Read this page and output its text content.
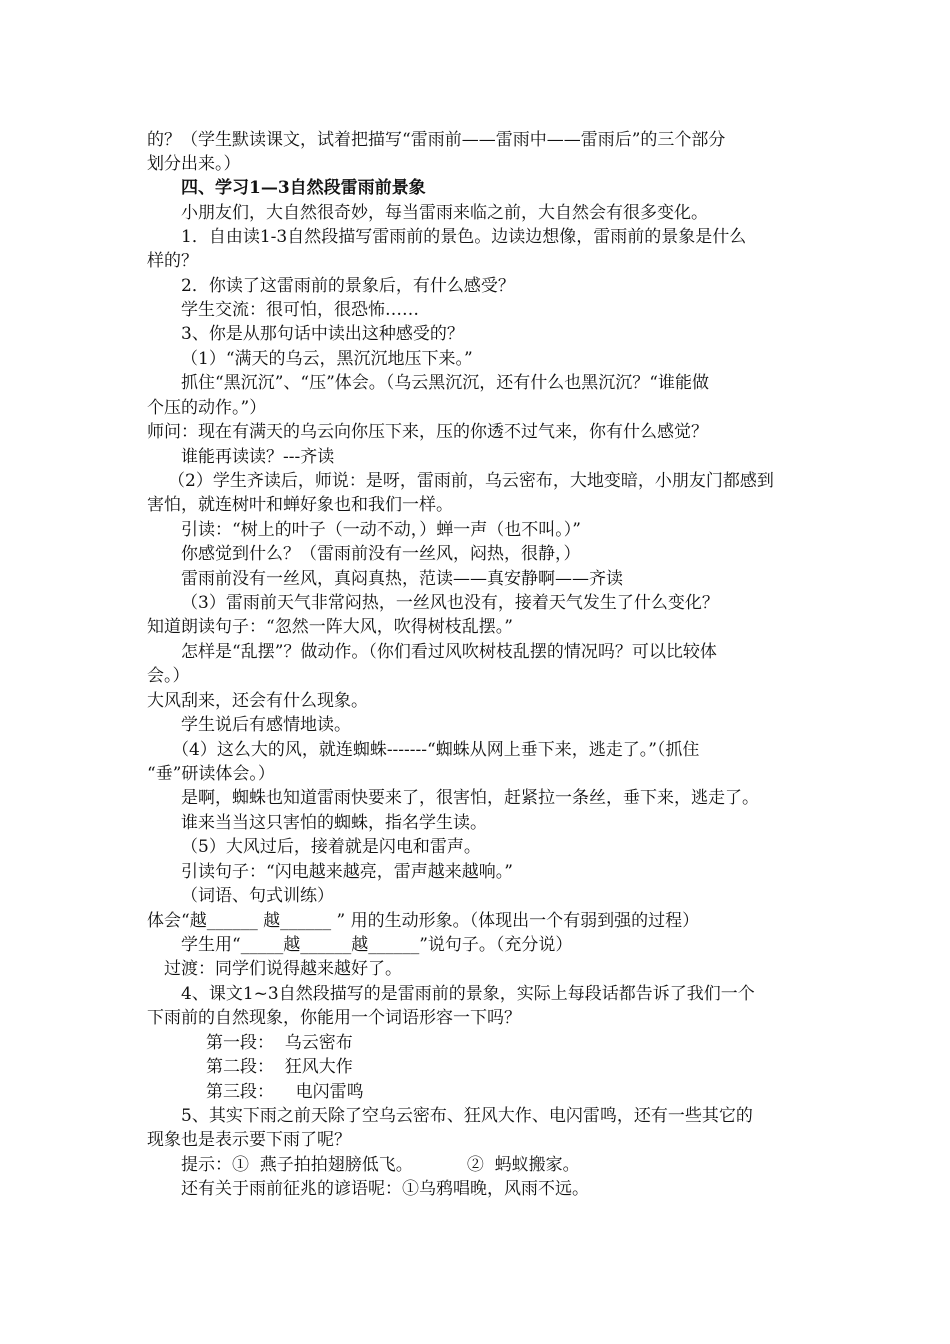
的？（学生默读课文，试着把描写“雷雨前——雷雨中——雷雨后”的三个部分
划分出来。）
四、学习1—3自然段雷雨前景象
小朋友们，大自然很奇妙，每当雷雨来临之前，大自然会有很多变化。
1．自由读1-3自然段描写雷雨前的景色。边读边想像，雷雨前的景象是什么
样的？
2．你读了这雷雨前的景象后，有什么感受？
学生交流：很可怕，很恐怖……
3、你是从那句话中读出这种感受的？
（1）“满天的乌云，黑沉沉地压下来。”
抓住“黑沉沉”、“压”体会。（乌云黑沉沉，还有什么也黑沉沉？“谁能做
个压的动作。”）
师问：现在有满天的乌云向你压下来，压的你透不过气来，你有什么感觉？
谁能再读读？---齐读
（2）学生齐读后，师说：是呀，雷雨前，乌云密布，大地变暗，小朋友门都感到
害怕，就连树叶和蝉好象也和我们一样。
引读：“树上的叶子（一动不动，）蝉一声（也不叫。）”
你感觉到什么？（雷雨前没有一丝风，闷热，很静，）
雷雨前没有一丝风，真闷真热，范读——真安静啊——齐读
（3）雷雨前天气非常闷热，一丝风也没有，接着天气发生了什么变化？
知道朗读句子：“忽然一阵大风，吹得树枝乱摆。”
怎样是“乱摆”？做动作。（你们看过风吹树枝乱摆的情况吗？可以比较体
会。）
大风刮来，还会有什么现象。
学生说后有感情地读。
（4）这么大的风，就连蜘蛛-------“蜘蛛从网上垂下来，逃走了。”（抓住
“垂”研读体会。）
是啊，蜘蛛也知道雷雨快要来了，很害怕，赶紧拉一条丝，垂下来，逃走了。
谁来当当这只害怕的蜘蛛，指名学生读。
（5）大风过后，接着就是闪电和雷声。
引读句子：“闪电越来越亮，雷声越来越响。”
（词语、句式训练）
体会“越______ 越______ ” 用的生动形象。（体现出一个有弱到强的过程）
学生用“_____越______越______”说句子。（充分说）
过渡：同学们说得越来越好了。
4、课文1~3自然段描写的是雷雨前的景象，实际上每段话都告诉了我们一个
下雨前的自然现象，你能用一个词语形容一下吗？
第一段：  乌云密布
第二段：  狂风大作
第三段：    电闪雷鸣
5、其实下雨之前天除了空乌云密布、狂风大作、电闪雷鸣，还有一些其它的
现象也是表示要下雨了呢？
提示：①  燕子拍拍翅膀低飞。          ②  蚂蚁搬家。
还有关于雨前征兆的谚语呢：①乌鸦唱晚，风雨不远。
